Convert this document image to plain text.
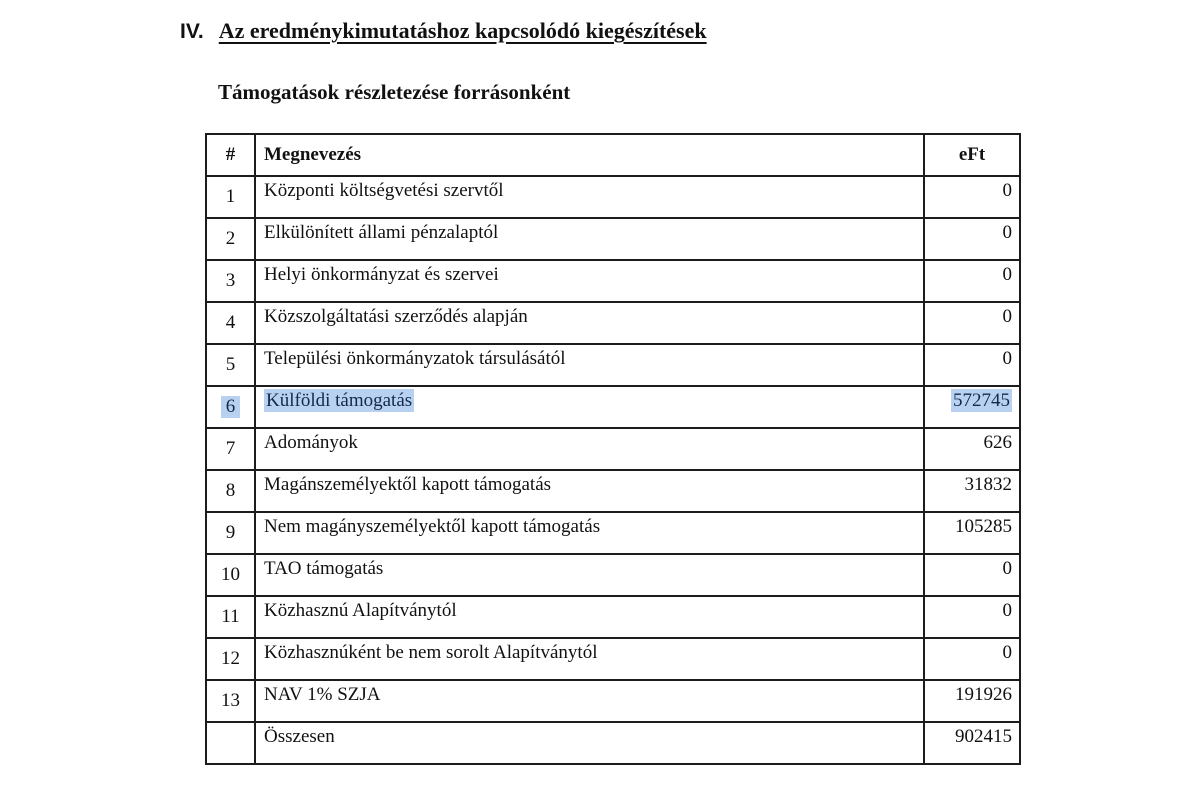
IV. Az eredménykimutatáshoz kapcsolódó kiegészítések
Támogatások részletezése forrásonként
#	Megnevezés	eFt
1	Központi költségvetési szervtől	0
2	Elkülönített állami pénzalaptól	0
3	Helyi önkormányzat és szervei	0
4	Közszolgáltatási szerződés alapján	0
5	Települési önkormányzatok társulásától	0
6	Külföldi támogatás	572745
7	Adományok	626
8	Magánszemélyektől kapott támogatás	31832
9	Nem magányszemélyektől kapott támogatás	105285
10	TAO támogatás	0
11	Közhasznú Alapítványtól	0
12	Közhasznúként be nem sorolt Alapítványtól	0
13	NAV 1% SZJA	191926
	Összesen	902415
